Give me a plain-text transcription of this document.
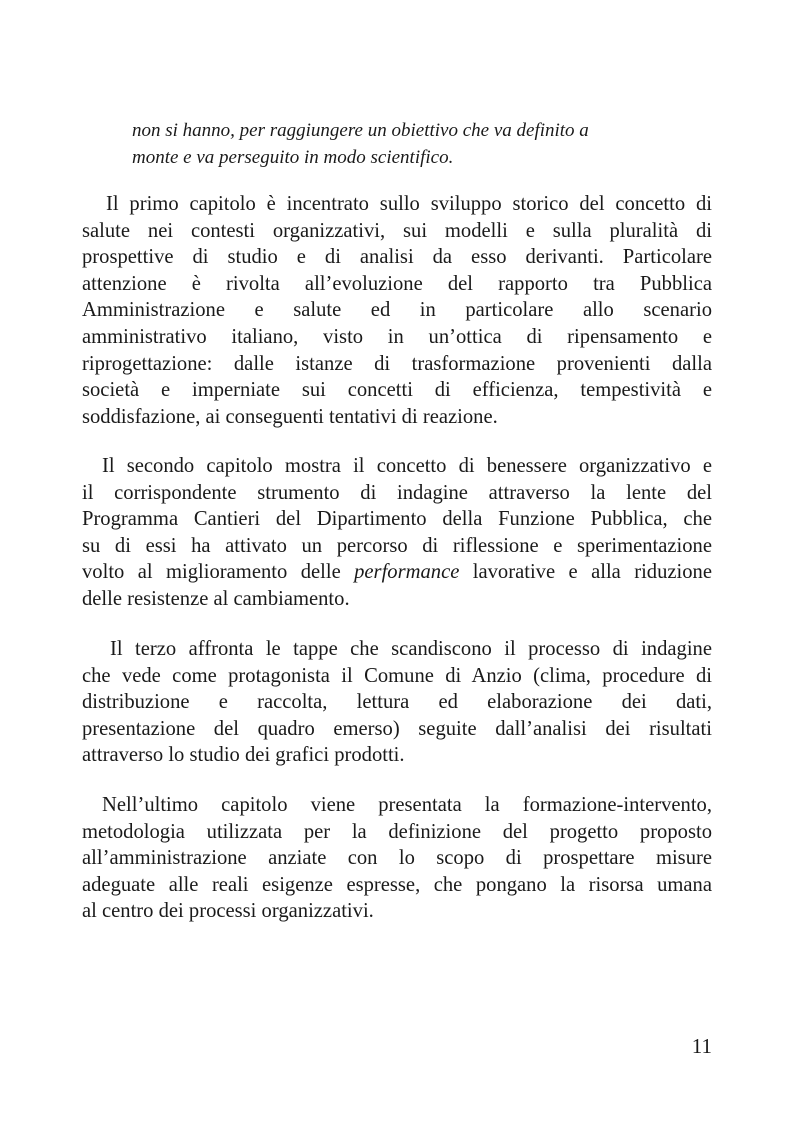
non si hanno, per raggiungere un obiettivo che va definito a
monte e va perseguito in modo scientifico.

Il primo capitolo è incentrato sullo sviluppo storico del concetto di
salute nei contesti organizzativi, sui modelli e sulla pluralità di
prospettive di studio e di analisi da esso derivanti. Particolare
attenzione è rivolta all’evoluzione del rapporto tra Pubblica
Amministrazione e salute ed in particolare allo scenario
amministrativo italiano, visto in un’ottica di ripensamento e
riprogettazione: dalle istanze di trasformazione provenienti dalla
società e imperniate sui concetti di efficienza, tempestività e
soddisfazione, ai conseguenti tentativi di reazione.

Il secondo capitolo mostra il concetto di benessere organizzativo e
il corrispondente strumento di indagine attraverso la lente del
Programma Cantieri del Dipartimento della Funzione Pubblica, che
su di essi ha attivato un percorso di riflessione e sperimentazione
volto al miglioramento delle performance lavorative e alla riduzione
delle resistenze al cambiamento.

Il terzo affronta le tappe che scandiscono il processo di indagine
che vede come protagonista il Comune di Anzio (clima, procedure di
distribuzione e raccolta, lettura ed elaborazione dei dati,
presentazione del quadro emerso) seguite dall’analisi dei risultati
attraverso lo studio dei grafici prodotti.

Nell’ultimo capitolo viene presentata la formazione-intervento,
metodologia utilizzata per la definizione del progetto proposto
all’amministrazione anziate con lo scopo di prospettare misure
adeguate alle reali esigenze espresse, che pongano la risorsa umana
al centro dei processi organizzativi.

11
